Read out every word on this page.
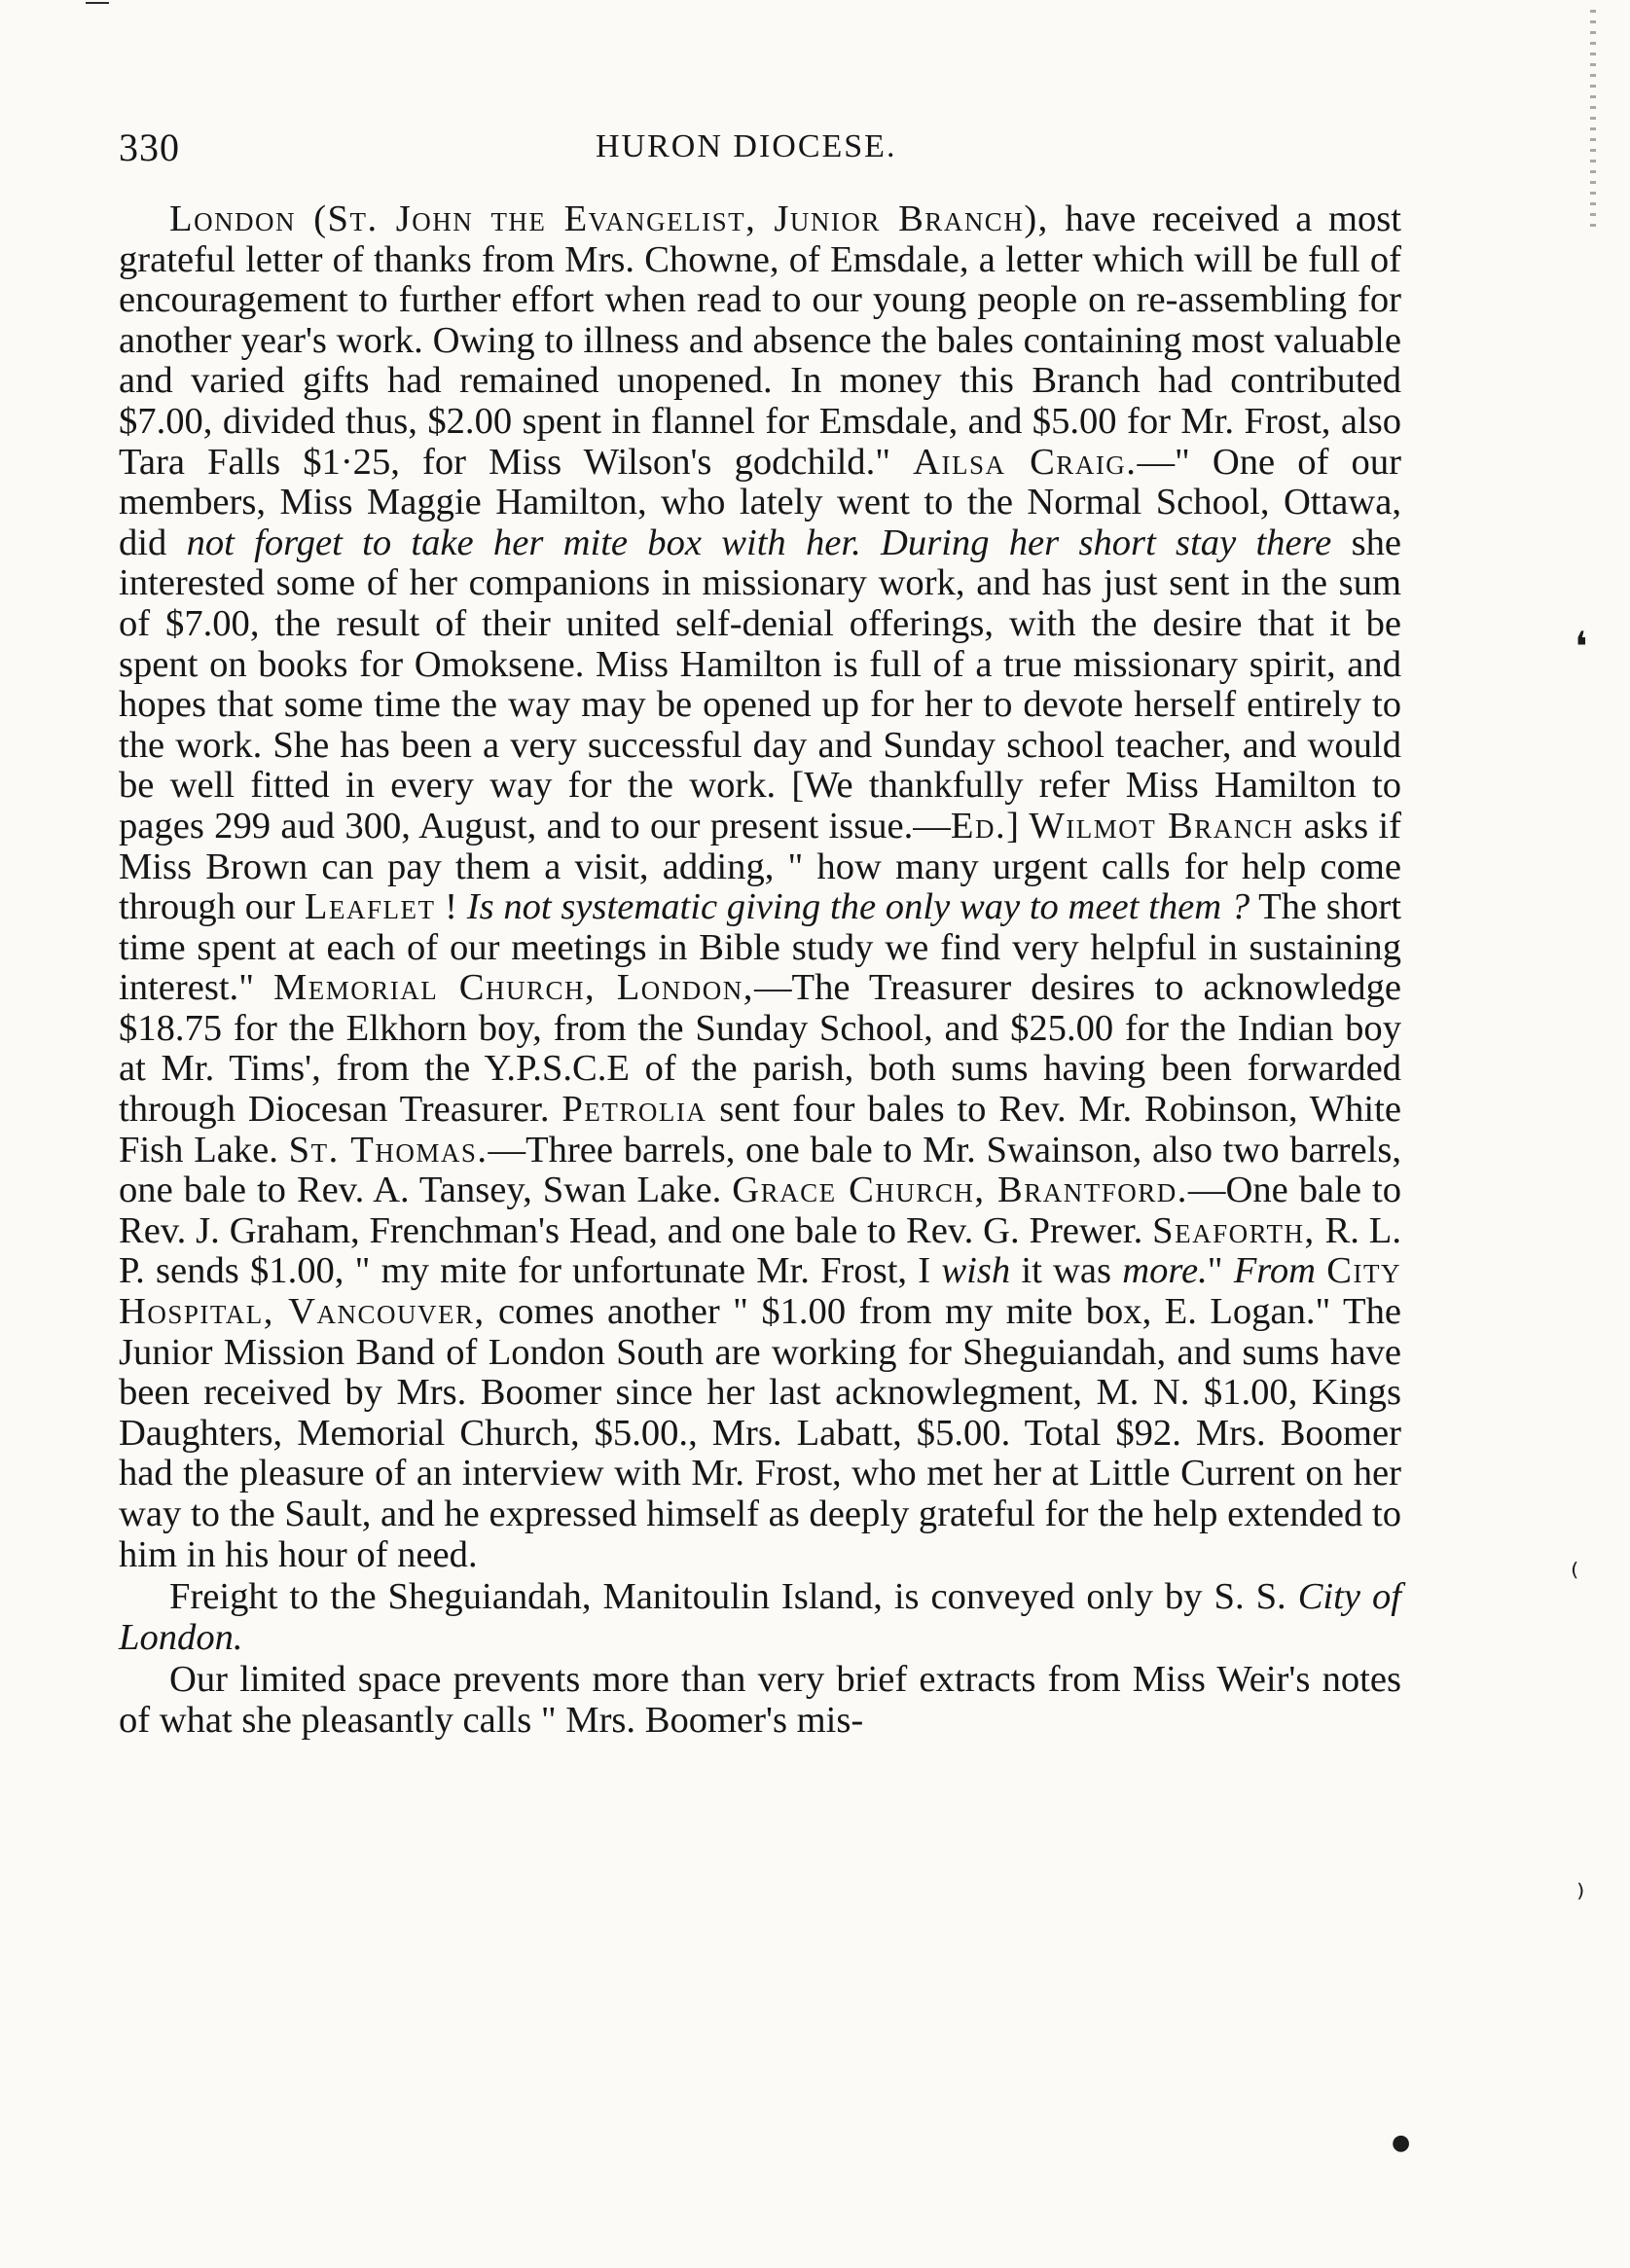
330	HURON DIOCESE.

London (St. John the Evangelist, Junior Branch), have received a most grateful letter of thanks from Mrs. Chowne, of Emsdale, a letter which will be full of encouragement to further effort when read to our young people on re-assembling for another year's work. Owing to illness and absence the bales containing most valuable and varied gifts had remained unopened. In money this Branch had contributed $7.00, divided thus, $2.00 spent in flannel for Emsdale, and $5.00 for Mr. Frost, also Tara Falls $1·25, for Miss Wilson's godchild." Ailsa Craig.—" One of our members, Miss Maggie Hamilton, who lately went to the Normal School, Ottawa, did not forget to take her mite box with her. During her short stay there she interested some of her companions in missionary work, and has just sent in the sum of $7.00, the result of their united self-denial offerings, with the desire that it be spent on books for Omoksene. Miss Hamilton is full of a true missionary spirit, and hopes that some time the way may be opened up for her to devote herself entirely to the work. She has been a very successful day and Sunday school teacher, and would be well fitted in every way for the work. [We thankfully refer Miss Hamilton to pages 299 aud 300, August, and to our present issue.—Ed.] Wilmot Branch asks if Miss Brown can pay them a visit, adding, " how many urgent calls for help come through our Leaflet ! Is not systematic giving the only way to meet them ? The short time spent at each of our meetings in Bible study we find very helpful in sustaining interest." Memorial Church, London,—The Treasurer desires to acknowledge $18.75 for the Elkhorn boy, from the Sunday School, and $25.00 for the Indian boy at Mr. Tims', from the Y.P.S.C.E of the parish, both sums having been forwarded through Diocesan Treasurer. Petrolia sent four bales to Rev. Mr. Robinson, White Fish Lake. St. Thomas.—Three barrels, one bale to Mr. Swainson, also two barrels, one bale to Rev. A. Tansey, Swan Lake. Grace Church, Brantford.—One bale to Rev. J. Graham, Frenchman's Head, and one bale to Rev. G. Prewer. Seaforth, R. L. P. sends $1.00, " my mite for unfortunate Mr. Frost, I wish it was more." From City Hospital, Vancouver, comes another " $1.00 from my mite box, E. Logan." The Junior Mission Band of London South are working for Sheguiandah, and sums have been received by Mrs. Boomer since her last acknowlegment, M. N. $1.00, Kings Daughters, Memorial Church, $5.00., Mrs. Labatt, $5.00. Total $92. Mrs. Boomer had the pleasure of an interview with Mr. Frost, who met her at Little Current on her way to the Sault, and he expressed himself as deeply grateful for the help extended to him in his hour of need.

Freight to the Sheguiandah, Manitoulin Island, is conveyed only by S. S. City of London.

Our limited space prevents more than very brief extracts from Miss Weir's notes of what she pleasantly calls " Mrs. Boomer's mis-

❛
⁽
⁾
●
